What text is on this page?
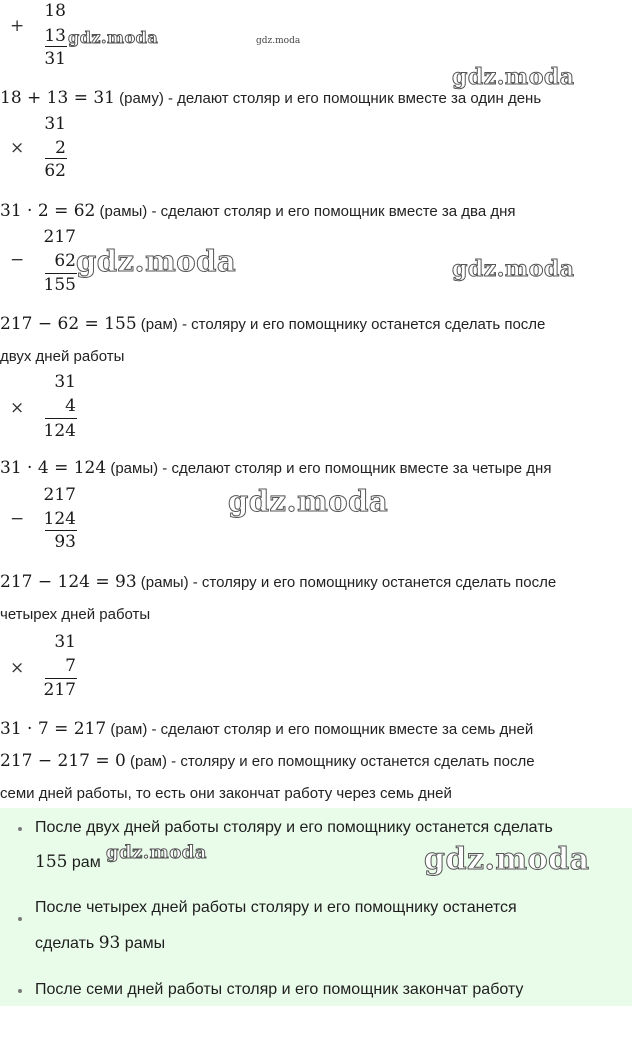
+
18
13
31
gdz.moda	gdz.moda
gdz.moda
18 + 13 = 31 (раму) - делают столяр и его помощник вместе за один день
×
31
2
62
31 · 2 = 62 (рамы) - сделают столяр и его помощник вместе за два дня
−
217
62
155
gdz.moda	gdz.moda
217 − 62 = 155 (рам) - столяру и его помощнику останется сделать после
двух дней работы
×
31
4
124
31 · 4 = 124 (рамы) - сделают столяр и его помощник вместе за четыре дня
−
217
124
93
gdz.moda
217 − 124 = 93 (рамы) - столяру и его помощнику останется сделать после
четырех дней работы
×
31
7
217
31 · 7 = 217 (рам) - сделают столяр и его помощник вместе за семь дней
217 − 217 = 0 (рам) - столяру и его помощнику останется сделать после
семи дней работы, то есть они закончат работу через семь дней
После двух дней работы столяру и его помощнику останется сделать
155 рам gdz.moda	gdz.moda
После четырех дней работы столяру и его помощнику останется
сделать 93 рамы
После семи дней работы столяр и его помощник закончат работу
